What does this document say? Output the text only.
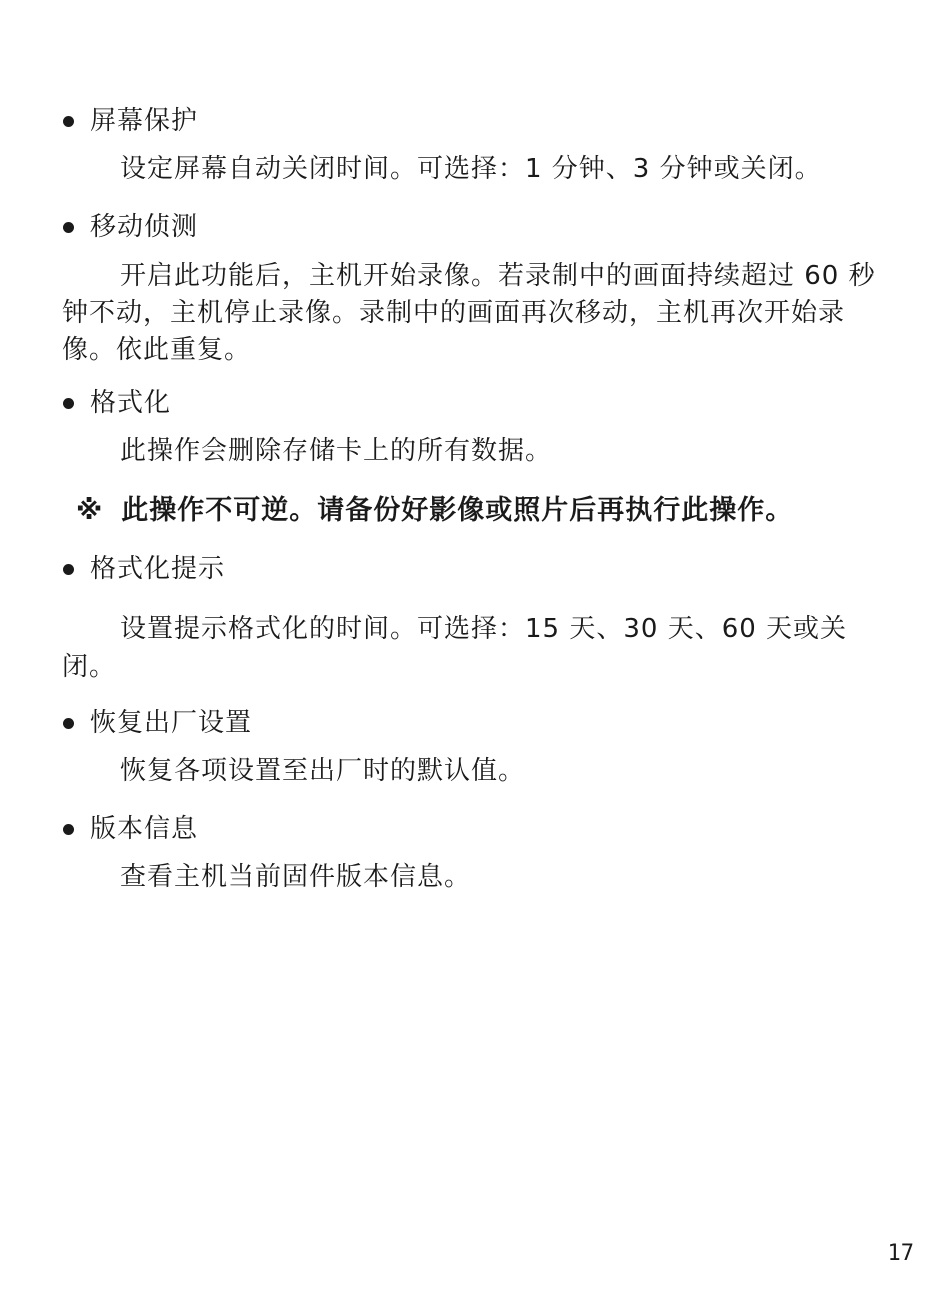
屏幕保护
设定屏幕自动关闭时间。可选择：1 分钟、3 分钟或关闭。
移动侦测
开启此功能后，主机开始录像。若录制中的画面持续超过 60 秒钟不动，主机停止录像。录制中的画面再次移动，主机再次开始录像。依此重复。
格式化
此操作会删除存储卡上的所有数据。
※ 此操作不可逆。请备份好影像或照片后再执行此操作。
格式化提示
设置提示格式化的时间。可选择：15 天、30 天、60 天或关闭。
恢复出厂设置
恢复各项设置至出厂时的默认值。
版本信息
查看主机当前固件版本信息。
17
